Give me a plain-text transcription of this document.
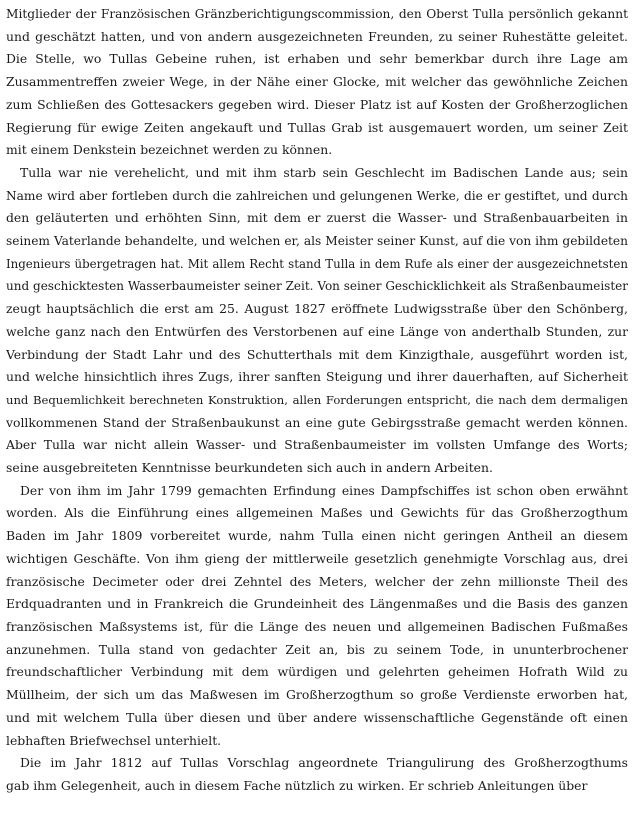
Mitglieder der Französischen Gränzberichtigungscommission, den Oberst Tulla persönlich gekannt
und geschätzt hatten, und von andern ausgezeichneten Freunden, zu seiner Ruhestätte geleitet.
Die Stelle, wo Tullas Gebeine ruhen, ist erhaben und sehr bemerkbar durch ihre Lage am
Zusammentreffen zweier Wege, in der Nähe einer Glocke, mit welcher das gewöhnliche Zeichen
zum Schließen des Gottesackers gegeben wird. Dieser Platz ist auf Kosten der Großherzoglichen
Regierung für ewige Zeiten angekauft und Tullas Grab ist ausgemauert worden, um seiner Zeit
mit einem Denkstein bezeichnet werden zu können.

Tulla war nie verehelicht, und mit ihm starb sein Geschlecht im Badischen Lande aus; sein
Name wird aber fortleben durch die zahlreichen und gelungenen Werke, die er gestiftet, und durch
den geläuterten und erhöhten Sinn, mit dem er zuerst die Wasser- und Straßenbauarbeiten in
seinem Vaterlande behandelte, und welchen er, als Meister seiner Kunst, auf die von ihm gebildeten
Ingenieurs übergetragen hat. Mit allem Recht stand Tulla in dem Rufe als einer der ausgezeichnetsten
und geschicktesten Wasserbaumeister seiner Zeit. Von seiner Geschicklichkeit als Straßenbaumeister
zeugt hauptsächlich die erst am 25. August 1827 eröffnete Ludwigsstraße über den Schönberg,
welche ganz nach den Entwürfen des Verstorbenen auf eine Länge von anderthalb Stunden, zur
Verbindung der Stadt Lahr und des Schutterthals mit dem Kinzigthale, ausgeführt worden ist,
und welche hinsichtlich ihres Zugs, ihrer sanften Steigung und ihrer dauerhaften, auf Sicherheit
und Bequemlichkeit berechneten Konstruktion, allen Forderungen entspricht, die nach dem dermaligen
vollkommenen Stand der Straßenbaukunst an eine gute Gebirgsstraße gemacht werden können.
Aber Tulla war nicht allein Wasser- und Straßenbaumeister im vollsten Umfange des Worts;
seine ausgebreiteten Kenntnisse beurkundeten sich auch in andern Arbeiten.

Der von ihm im Jahr 1799 gemachten Erfindung eines Dampfschiffes ist schon oben erwähnt
worden. Als die Einführung eines allgemeinen Maßes und Gewichts für das Großherzogthum
Baden im Jahr 1809 vorbereitet wurde, nahm Tulla einen nicht geringen Antheil an diesem
wichtigen Geschäfte. Von ihm gieng der mittlerweile gesetzlich genehmigte Vorschlag aus, drei
französische Decimeter oder drei Zehntel des Meters, welcher der zehn millionste Theil des
Erdquadranten und in Frankreich die Grundeinheit des Längenmaßes und die Basis des ganzen
französischen Maßsystems ist, für die Länge des neuen und allgemeinen Badischen Fußmaßes
anzunehmen. Tulla stand von gedachter Zeit an, bis zu seinem Tode, in ununterbrochener
freundschaftlicher Verbindung mit dem würdigen und gelehrten geheimen Hofrath Wild zu
Müllheim, der sich um das Maßwesen im Großherzogthum so große Verdienste erworben hat,
und mit welchem Tulla über diesen und über andere wissenschaftliche Gegenstände oft einen
lebhaften Briefwechsel unterhielt.

Die im Jahr 1812 auf Tullas Vorschlag angeordnete Triangulirung des Großherzogthums
gab ihm Gelegenheit, auch in diesem Fache nützlich zu wirken. Er schrieb Anleitungen über
